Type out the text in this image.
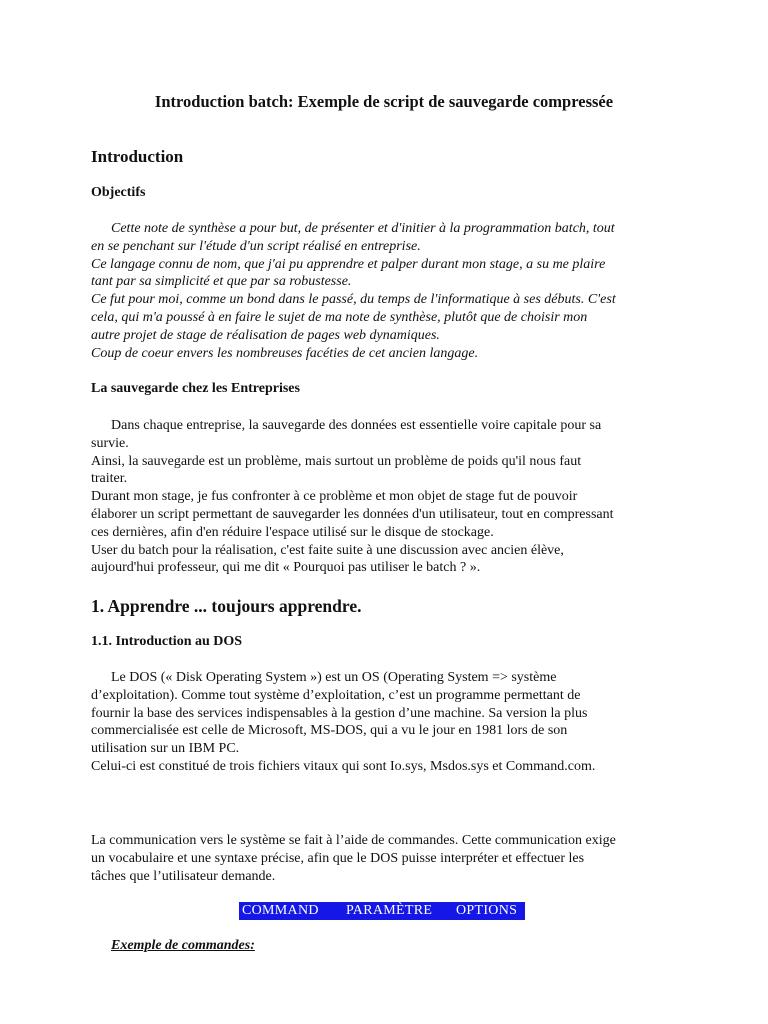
Introduction batch: Exemple de script de sauvegarde compressée
Introduction
Objectifs
Cette note de synthèse a pour but, de présenter et d'initier à la programmation batch, tout
en se penchant sur l'étude d'un script réalisé en entreprise.
Ce langage connu de nom, que j'ai pu apprendre et palper durant mon stage, a su me plaire
tant par sa simplicité et que par sa robustesse.
Ce fut pour moi, comme un bond dans le passé, du temps de l'informatique à ses débuts. C'est
cela, qui m'a poussé à en faire le sujet de ma note de synthèse, plutôt que de choisir mon
autre projet de stage de réalisation de pages web dynamiques.
Coup de coeur envers les nombreuses facéties de cet ancien langage.
La sauvegarde chez les Entreprises
Dans chaque entreprise, la sauvegarde des données est essentielle voire capitale pour sa
survie.
Ainsi, la sauvegarde est un problème, mais surtout un problème de poids qu'il nous faut
traiter.
Durant mon stage, je fus confronter à ce problème et mon objet de stage fut de pouvoir
élaborer un script permettant de sauvegarder les données d'un utilisateur, tout en compressant
ces dernières, afin d'en réduire l'espace utilisé sur le disque de stockage.
User du batch pour la réalisation, c'est faite suite à une discussion avec ancien élève,
aujourd'hui professeur, qui me dit « Pourquoi pas utiliser le batch ? ».
1. Apprendre ... toujours apprendre.
1.1. Introduction au DOS
Le DOS (« Disk Operating System ») est un OS (Operating System => système
d’exploitation). Comme tout système d’exploitation, c’est un programme permettant de
fournir la base des services indispensables à la gestion d’une machine. Sa version la plus
commercialisée est celle de Microsoft, MS-DOS, qui a vu le jour en 1981 lors de son
utilisation sur un IBM PC.
Celui-ci est constitué de trois fichiers vitaux qui sont Io.sys, Msdos.sys et Command.com.
La communication vers le système se fait à l’aide de commandes. Cette communication exige
un vocabulaire et une syntaxe précise, afin que le DOS puisse interpréter et effectuer les
tâches que l’utilisateur demande.
COMMAND	PARAMÈTRE	OPTIONS

Exemple de commandes:
